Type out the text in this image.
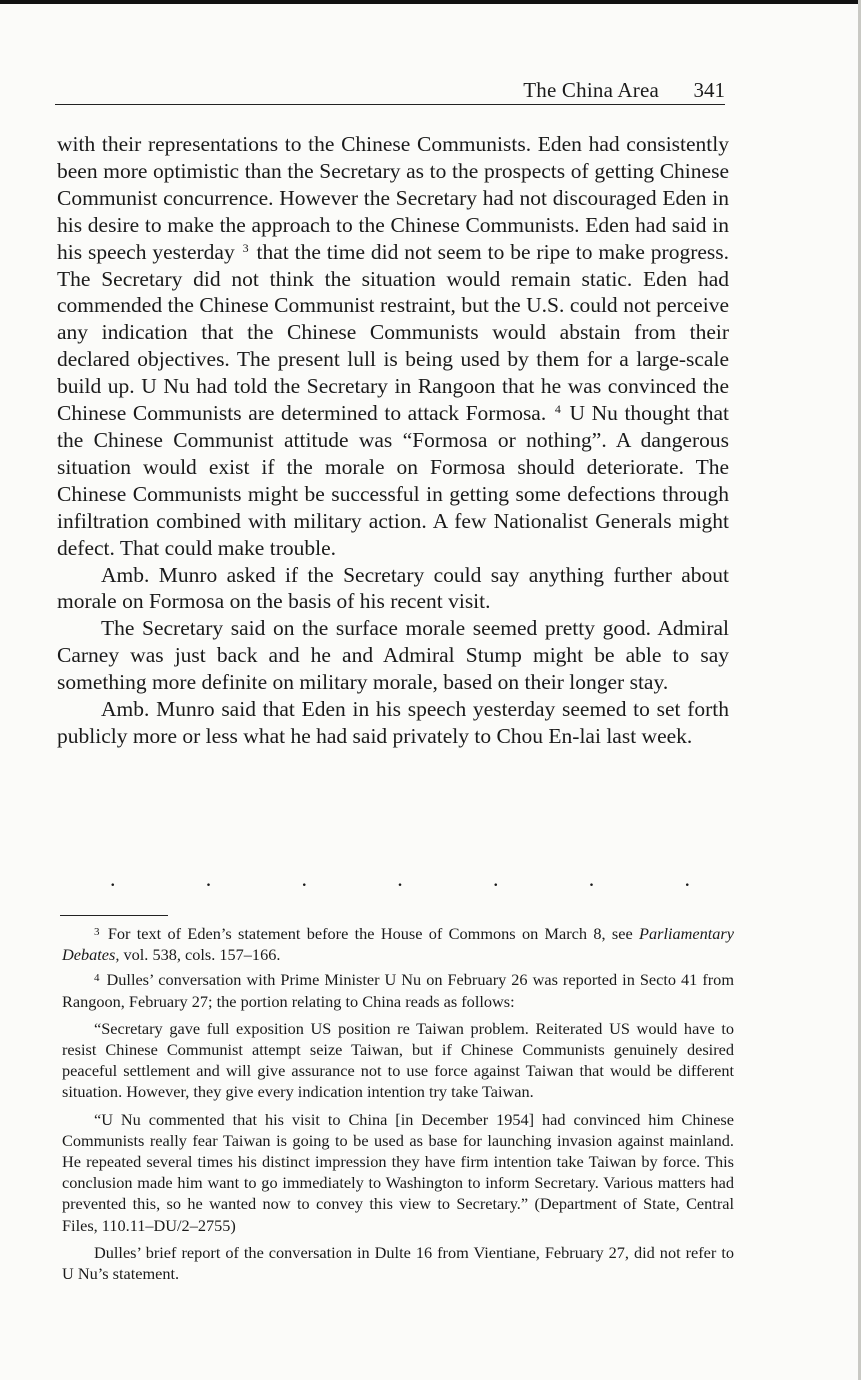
The China Area 341

with their representations to the Chinese Communists. Eden had consistently been more optimistic than the Secretary as to the prospects of getting Chinese Communist concurrence. However the Secretary had not discouraged Eden in his desire to make the approach to the Chinese Communists. Eden had said in his speech yesterday $^3$ that the time did not seem to be ripe to make progress. The Secretary did not think the situation would remain static. Eden had commended the Chinese Communist restraint, but the U.S. could not perceive any indication that the Chinese Communists would abstain from their declared objectives. The present lull is being used by them for a large-scale build up. U Nu had told the Secretary in Rangoon that he was convinced the Chinese Communists are determined to attack Formosa. $^4$ U Nu thought that the Chinese Communist attitude was “Formosa or nothing”. A dangerous situation would exist if the morale on Formosa should deteriorate. The Chinese Communists might be successful in getting some defections through infiltration combined with military action. A few Nationalist Generals might defect. That could make trouble.

Amb. Munro asked if the Secretary could say anything further about morale on Formosa on the basis of his recent visit.

The Secretary said on the surface morale seemed pretty good. Admiral Carney was just back and he and Admiral Stump might be able to say something more definite on military morale, based on their longer stay.

Amb. Munro said that Eden in his speech yesterday seemed to set forth publicly more or less what he had said privately to Chou En-lai last week.

.	.	.	.	.	.	.

$^3$ For text of Eden’s statement before the House of Commons on March 8, see Parliamentary Debates, vol. 538, cols. 157–166.

$^4$ Dulles’ conversation with Prime Minister U Nu on February 26 was reported in Secto 41 from Rangoon, February 27; the portion relating to China reads as follows:

“Secretary gave full exposition US position re Taiwan problem. Reiterated US would have to resist Chinese Communist attempt seize Taiwan, but if Chinese Communists genuinely desired peaceful settlement and will give assurance not to use force against Taiwan that would be different situation. However, they give every indication intention try take Taiwan.

“U Nu commented that his visit to China [in December 1954] had convinced him Chinese Communists really fear Taiwan is going to be used as base for launching invasion against mainland. He repeated several times his distinct impression they have firm intention take Taiwan by force. This conclusion made him want to go immediately to Washington to inform Secretary. Various matters had prevented this, so he wanted now to convey this view to Secretary.” (Department of State, Central Files, 110.11–DU/2–2755)

Dulles’ brief report of the conversation in Dulte 16 from Vientiane, February 27, did not refer to U Nu’s statement.
